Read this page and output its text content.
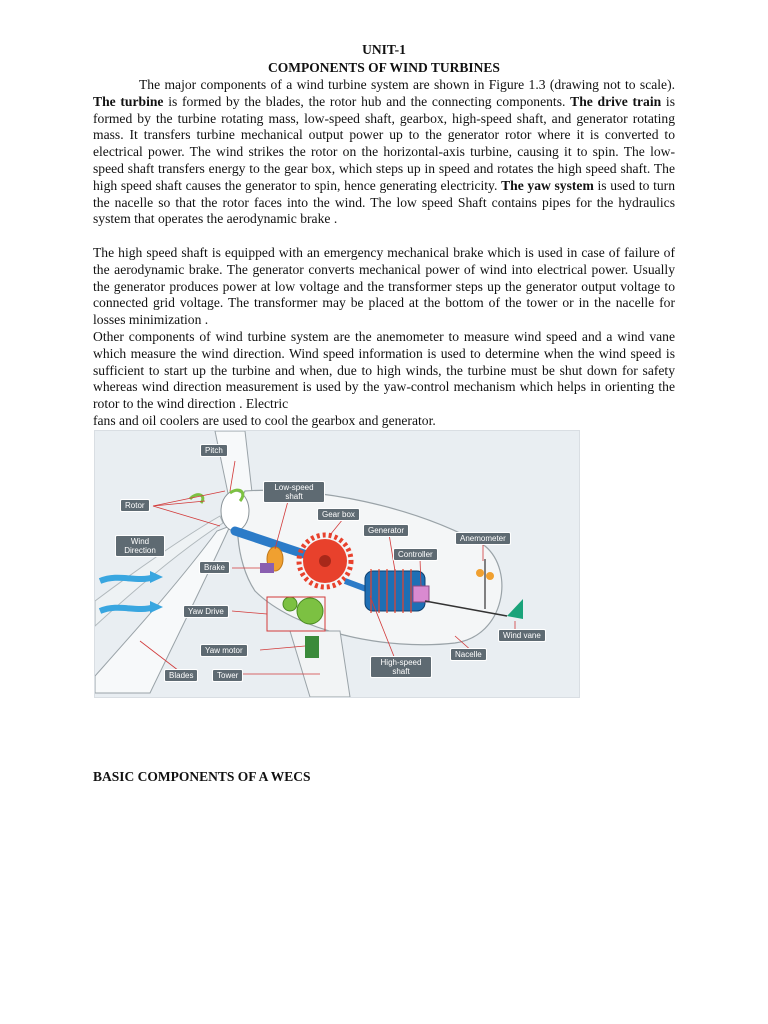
UNIT-1
COMPONENTS OF WIND TURBINES
The major components of a wind turbine system are shown in Figure 1.3 (drawing not to scale). The turbine is formed by the blades, the rotor hub and the connecting components. The drive train is formed by the turbine rotating mass, low-speed shaft, gearbox, high-speed shaft, and generator rotating mass. It transfers turbine mechanical output power up to the generator rotor where it is converted to electrical power. The wind strikes the rotor on the horizontal-axis turbine, causing it to spin. The low-speed shaft transfers energy to the gear box, which steps up in speed and rotates the high speed shaft. The high speed shaft causes the generator to spin, hence generating electricity. The yaw system is used to turn the nacelle so that the rotor faces into the wind. The low speed Shaft contains pipes for the hydraulics system that operates the aerodynamic brake .
The high speed shaft is equipped with an emergency mechanical brake which is used in case of failure of the aerodynamic brake. The generator converts mechanical power of wind into electrical power. Usually the generator produces power at low voltage and the transformer steps up the generator output voltage to connected grid voltage. The transformer may be placed at the bottom of the tower or in the nacelle for losses minimization .
Other components of wind turbine system are the anemometer to measure wind speed and a wind vane which measure the wind direction. Wind speed information is used to determine when the wind speed is sufficient to start up the turbine and when, due to high winds, the turbine must be shut down for safety whereas wind direction measurement is used by the yaw-control mechanism which helps in orienting the rotor to the wind direction . Electric
fans and oil coolers are used to cool the gearbox and generator.
Pitch
Rotor
Wind Direction
Brake
Yaw Drive
Yaw motor
Blades	Tower
Low-speed shaft
Gear box
Generator
Controller
Anemometer
Wind vane
Nacelle
High-speed shaft
BASIC COMPONENTS OF A WECS
